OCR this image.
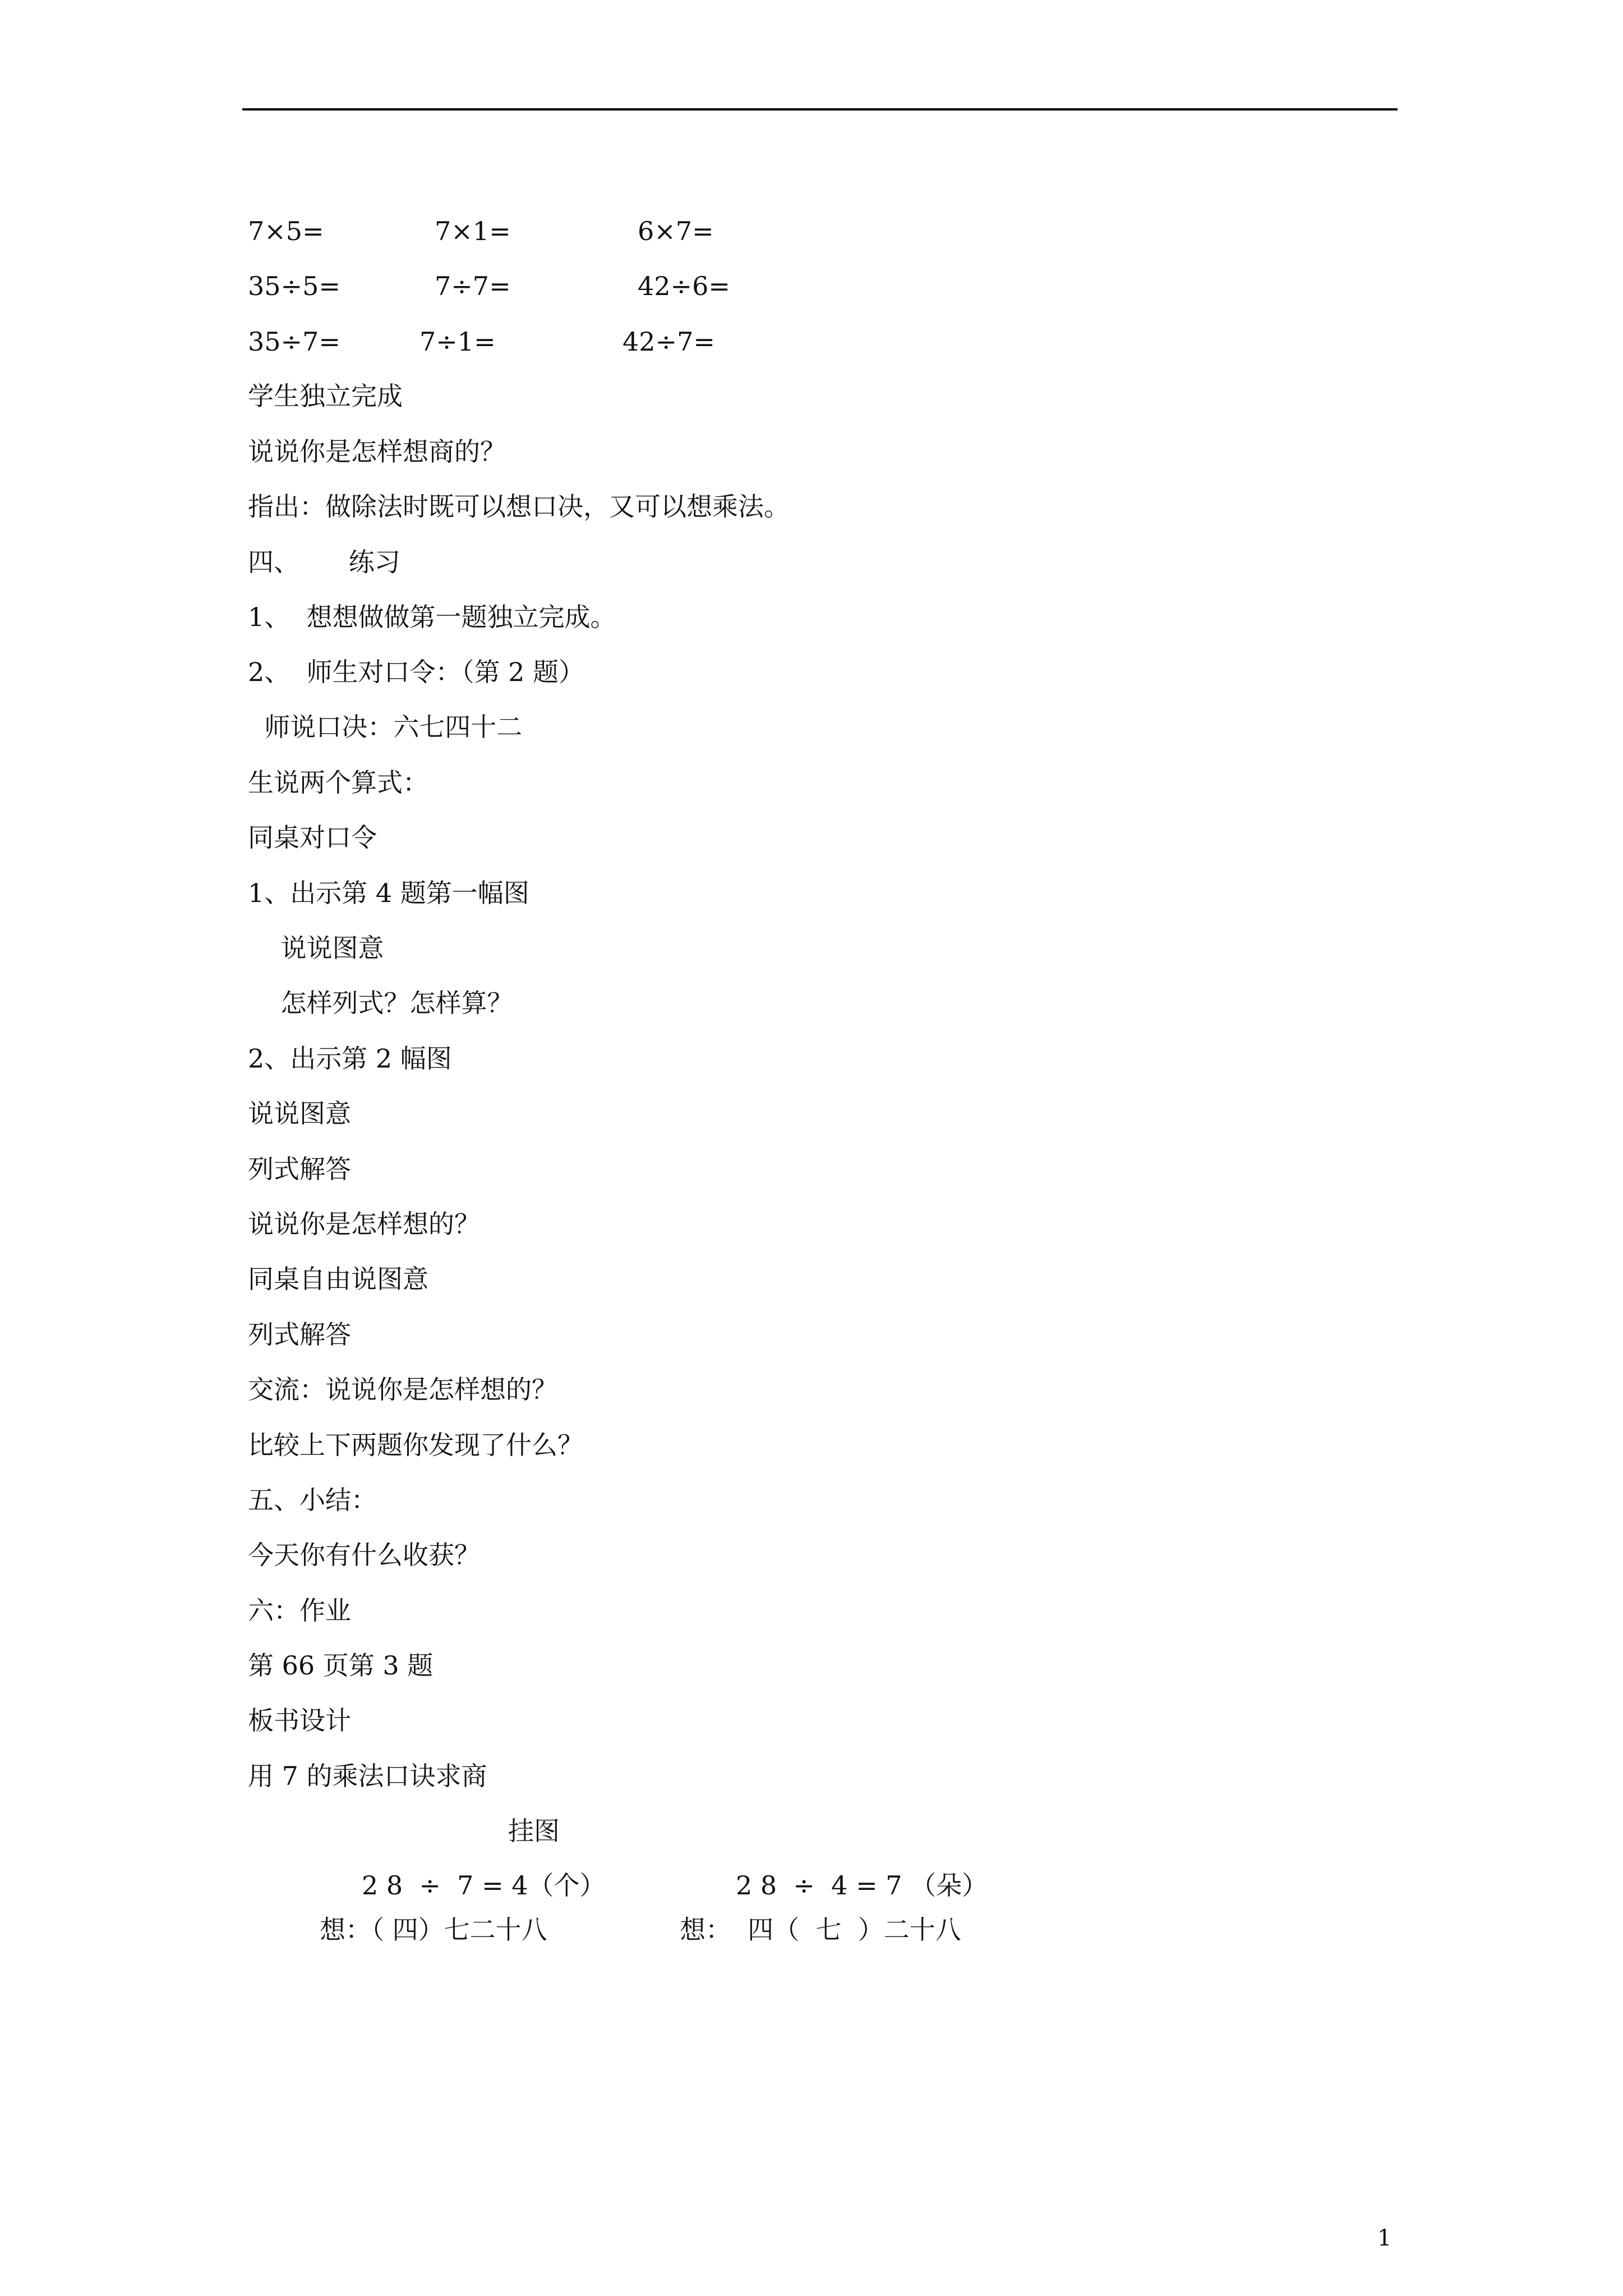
7×5=	7×1=	6×7=
35÷5=	7÷7=	42÷6=
35÷7=	7÷1=	42÷7=
学生独立完成
说说你是怎样想商的？
指出：做除法时既可以想口决，又可以想乘法。
四、      练习
1、  想想做做第一题独立完成。
2、  师生对口令：（第 2 题）
师说口决：六七四十二
生说两个算式：
同桌对口令
1、出示第 4 题第一幅图
说说图意
怎样列式？怎样算？
2、出示第 2 幅图
说说图意
列式解答
说说你是怎样想的？
同桌自由说图意
列式解答
交流：说说你是怎样想的？
比较上下两题你发现了什么？
五、小结：
今天你有什么收获？
六：作业
第 66 页第 3 题
板书设计
用 7 的乘法口诀求商
挂图
2 8  ÷  7 = 4（个）	2 8  ÷  4 = 7 （朵）
想：（ 四）七二十八	想：  四（  七  ）二十八
1
